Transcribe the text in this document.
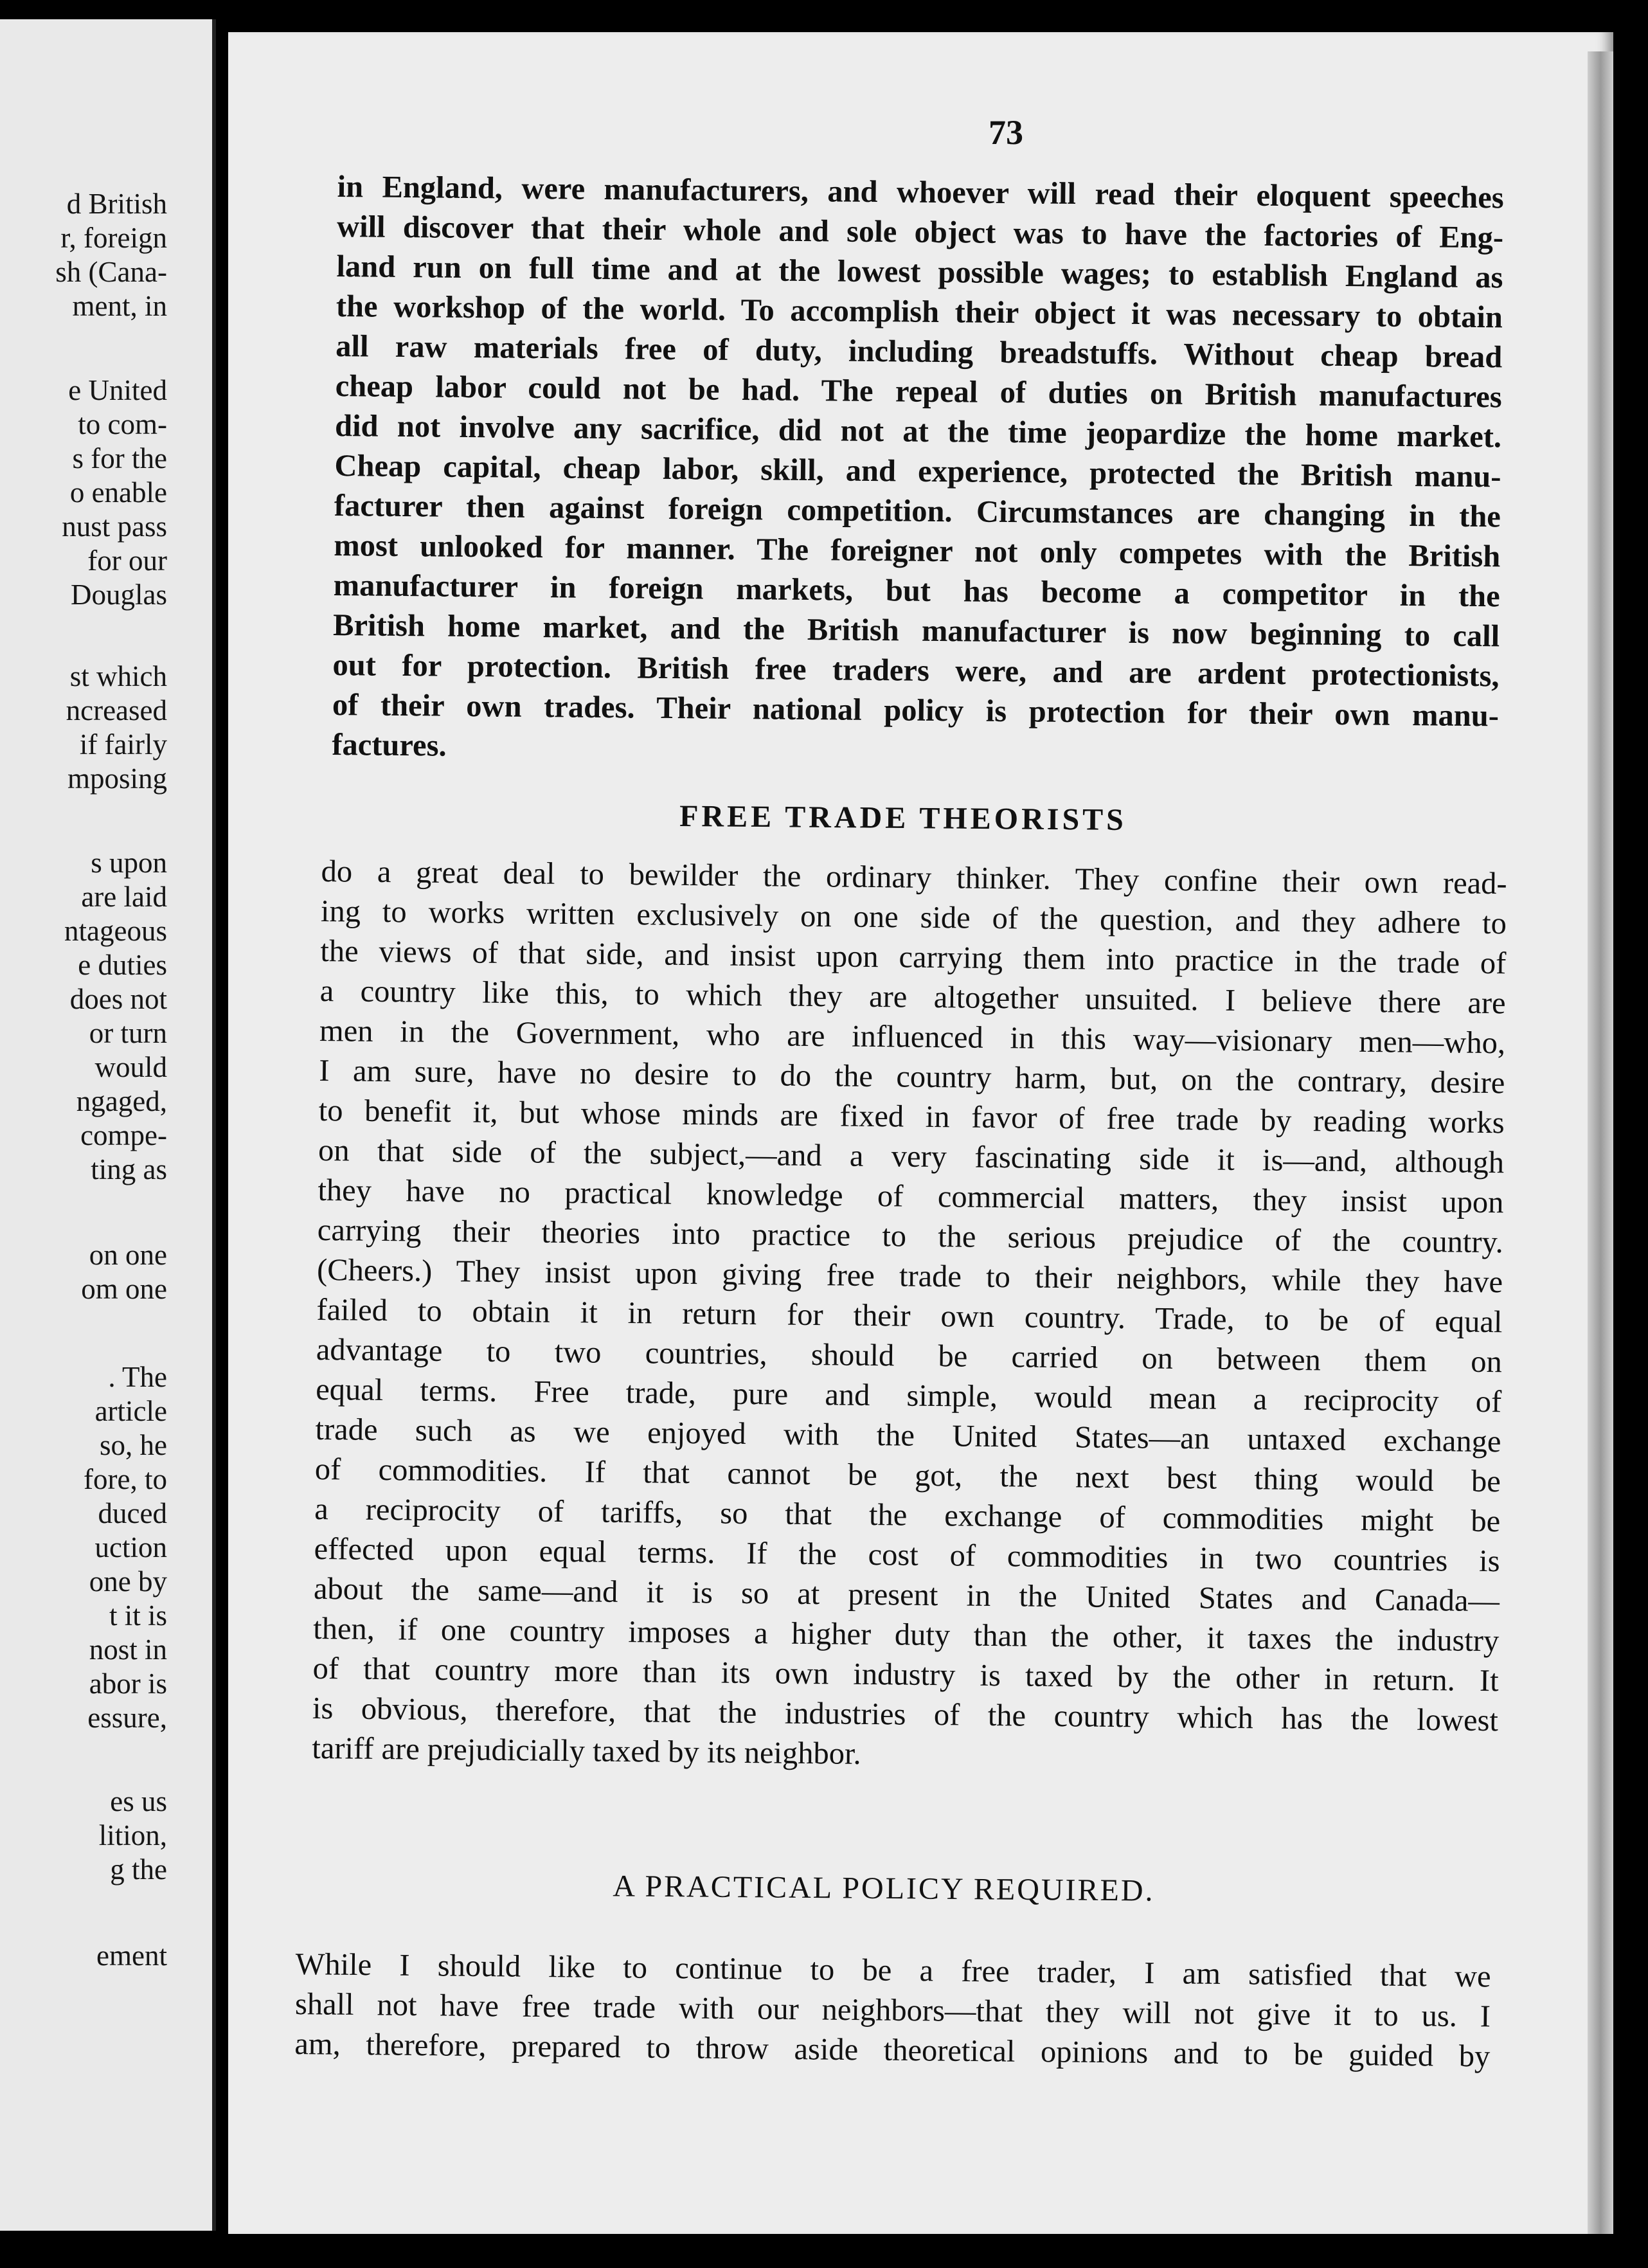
d British
r, foreign
sh (Cana-
ment, in
e United
to com-
s for the
o enable
nust pass
for our
Douglas
st which
ncreased
if fairly
mposing
s upon
are laid
ntageous
e duties
does not
or turn
would
ngaged,
compe-
ting as
on one
om one
. The
article
so, he
fore, to
duced
uction
one by
t it is
nost in
abor is
essure,
es us
lition,
g the
ement
73
in England, were manufacturers, and whoever will read their eloquent speeches
will discover that their whole and sole object was to have the factories of Eng-
land run on full time and at the lowest possible wages; to establish England as
the workshop of the world. To accomplish their object it was necessary to obtain
all raw materials free of duty, including breadstuffs. Without cheap bread
cheap labor could not be had. The repeal of duties on British manufactures
did not involve any sacrifice, did not at the time jeopardize the home market.
Cheap capital, cheap labor, skill, and experience, protected the British manu-
facturer then against foreign competition. Circumstances are changing in the
most unlooked for manner. The foreigner not only competes with the British
manufacturer in foreign markets, but has become a competitor in the
British home market, and the British manufacturer is now beginning to call
out for protection. British free traders were, and are ardent protectionists,
of their own trades. Their national policy is protection for their own manu-
factures.
FREE TRADE THEORISTS
do a great deal to bewilder the ordinary thinker. They confine their own read-
ing to works written exclusively on one side of the question, and they adhere to
the views of that side, and insist upon carrying them into practice in the trade of
a country like this, to which they are altogether unsuited. I believe there are
men in the Government, who are influenced in this way—visionary men—who,
I am sure, have no desire to do the country harm, but, on the contrary, desire
to benefit it, but whose minds are fixed in favor of free trade by reading works
on that side of the subject,—and a very fascinating side it is—and, although
they have no practical knowledge of commercial matters, they insist upon
carrying their theories into practice to the serious prejudice of the country.
(Cheers.) They insist upon giving free trade to their neighbors, while they have
failed to obtain it in return for their own country. Trade, to be of equal
advantage to two countries, should be carried on between them on
equal terms. Free trade, pure and simple, would mean a reciprocity of
trade such as we enjoyed with the United States—an untaxed exchange
of commodities. If that cannot be got, the next best thing would be
a reciprocity of tariffs, so that the exchange of commodities might be
effected upon equal terms. If the cost of commodities in two countries is
about the same—and it is so at present in the United States and Canada—
then, if one country imposes a higher duty than the other, it taxes the industry
of that country more than its own industry is taxed by the other in return. It
is obvious, therefore, that the industries of the country which has the lowest
tariff are prejudicially taxed by its neighbor.
A PRACTICAL POLICY REQUIRED.
While I should like to continue to be a free trader, I am satisfied that we
shall not have free trade with our neighbors—that they will not give it to us. I
am, therefore, prepared to throw aside theoretical opinions and to be guided by
